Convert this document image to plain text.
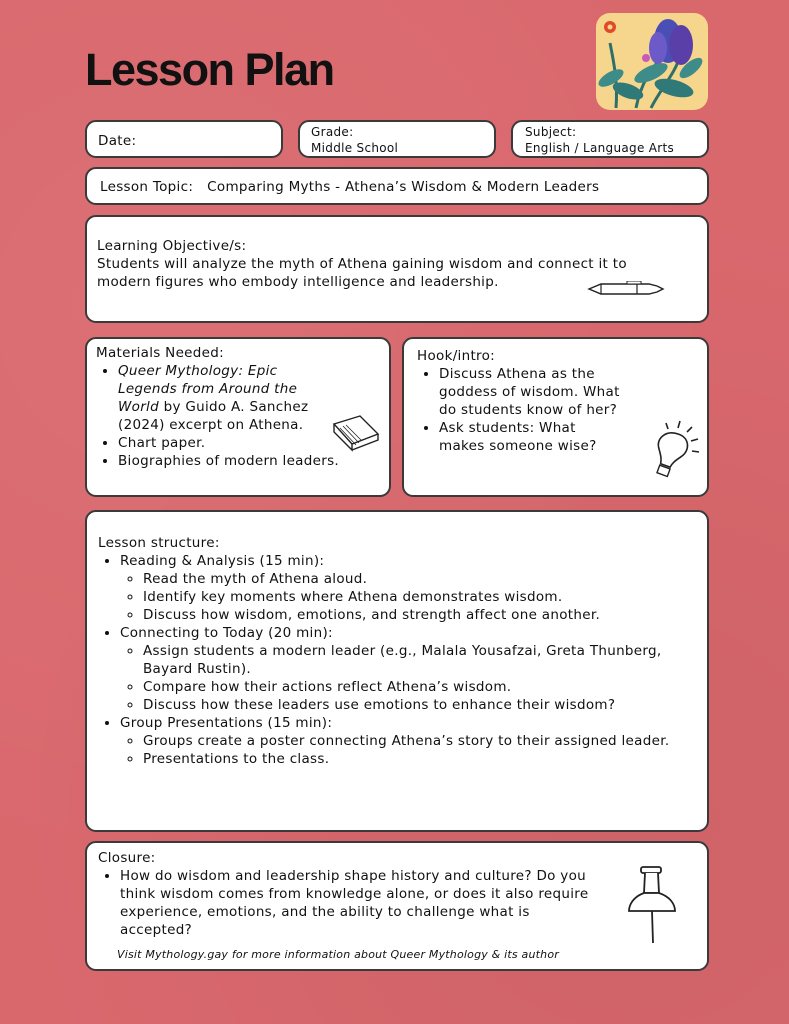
Lesson Plan
Date:
Grade:
Middle School
Subject:
English / Language Arts
Lesson Topic: Comparing Myths - Athena’s Wisdom & Modern Leaders
Learning Objective/s:
Students will analyze the myth of Athena gaining wisdom and connect it to modern figures who embody intelligence and leadership.
Materials Needed:
• Queer Mythology: Epic Legends from Around the World by Guido A. Sanchez (2024) excerpt on Athena.
• Chart paper.
• Biographies of modern leaders.
Hook/intro:
• Discuss Athena as the goddess of wisdom. What do students know of her?
• Ask students: What makes someone wise?
Lesson structure:
• Reading & Analysis (15 min):
◦ Read the myth of Athena aloud.
◦ Identify key moments where Athena demonstrates wisdom.
◦ Discuss how wisdom, emotions, and strength affect one another.
• Connecting to Today (20 min):
◦ Assign students a modern leader (e.g., Malala Yousafzai, Greta Thunberg, Bayard Rustin).
◦ Compare how their actions reflect Athena’s wisdom.
◦ Discuss how these leaders use emotions to enhance their wisdom?
• Group Presentations (15 min):
◦ Groups create a poster connecting Athena’s story to their assigned leader.
◦ Presentations to the class.
Closure:
• How do wisdom and leadership shape history and culture? Do you think wisdom comes from knowledge alone, or does it also require experience, emotions, and the ability to challenge what is accepted?
Visit Mythology.gay for more information about Queer Mythology & its author
